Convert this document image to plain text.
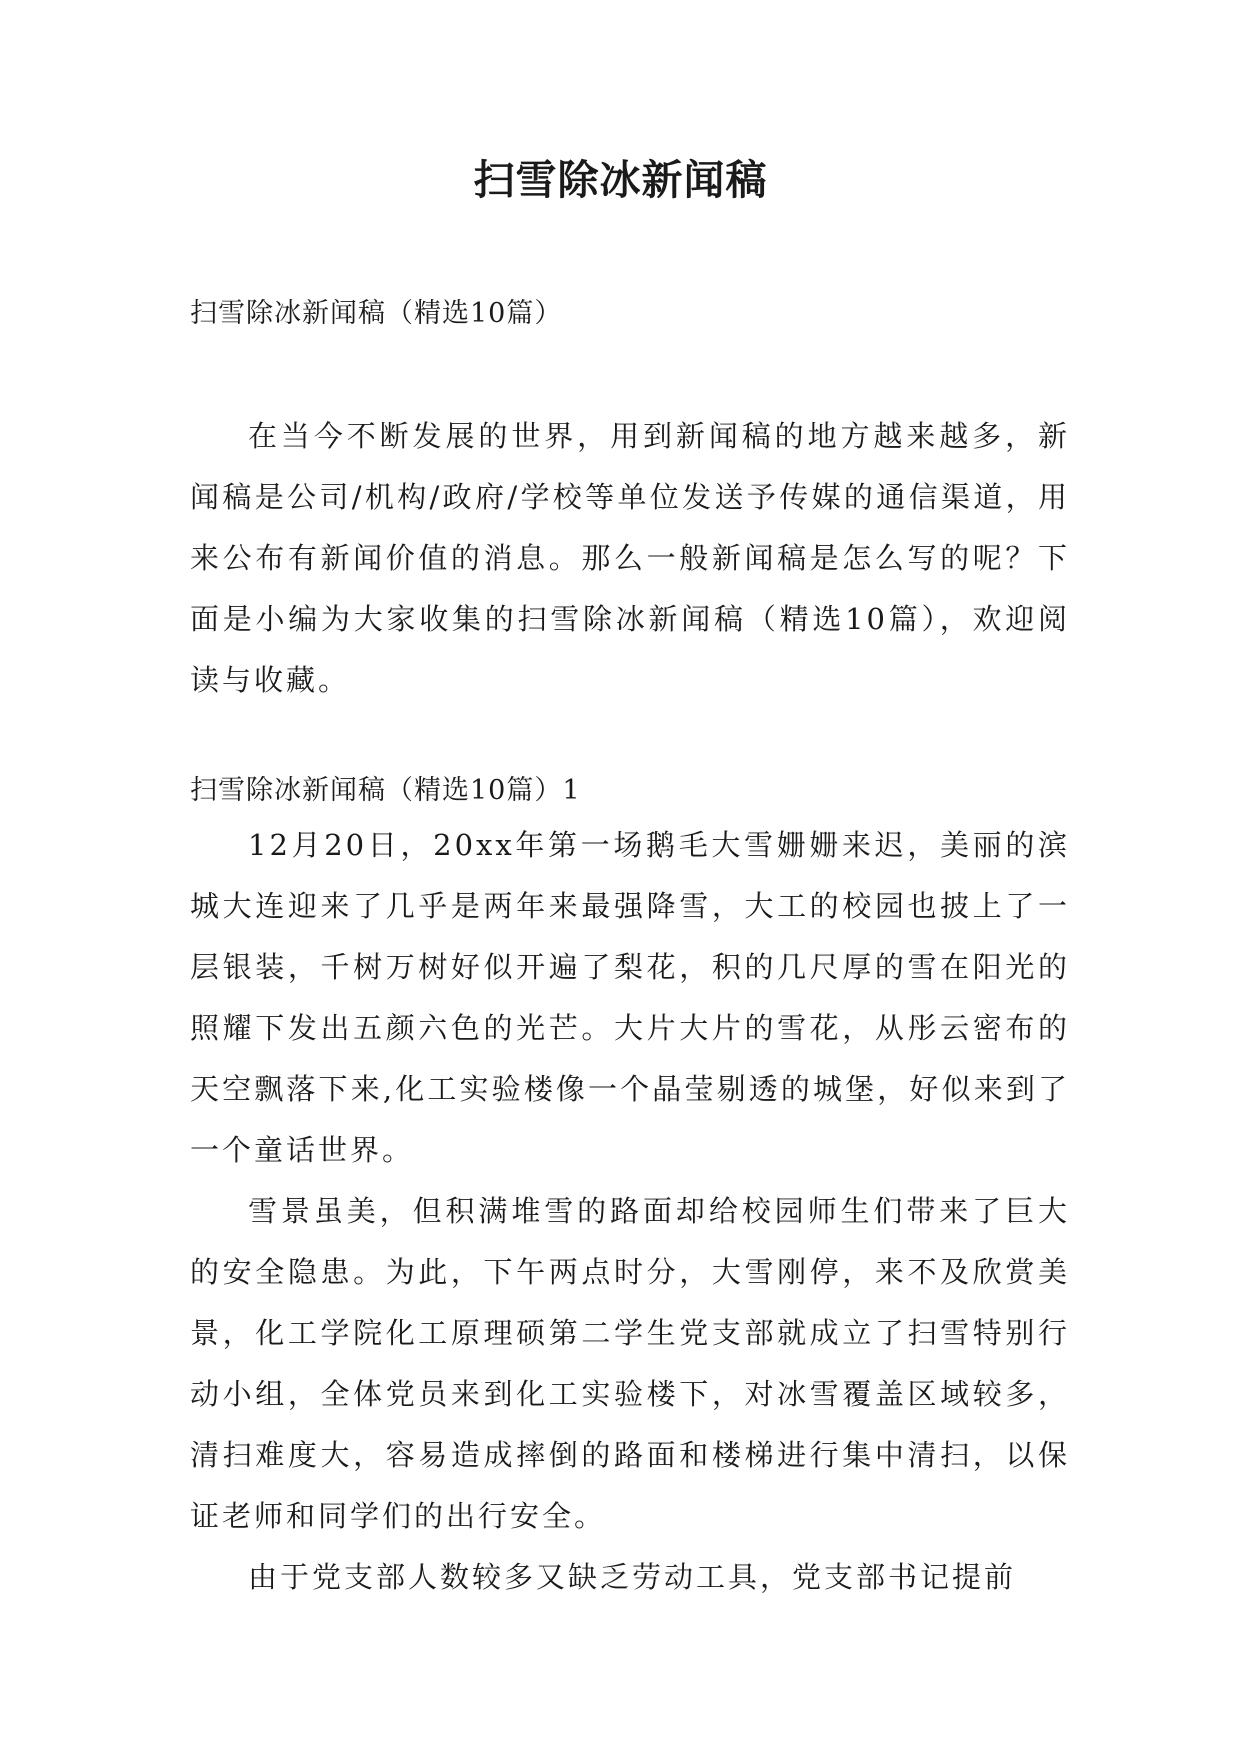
扫雪除冰新闻稿

扫雪除冰新闻稿（精选10篇）

在当今不断发展的世界，用到新闻稿的地方越来越多，新闻稿是公司/机构/政府/学校等单位发送予传媒的通信渠道，用来公布有新闻价值的消息。那么一般新闻稿是怎么写的呢？下面是小编为大家收集的扫雪除冰新闻稿（精选10篇），欢迎阅读与收藏。

扫雪除冰新闻稿（精选10篇）1

12月20日，20xx年第一场鹅毛大雪姗姗来迟，美丽的滨城大连迎来了几乎是两年来最强降雪，大工的校园也披上了一层银装，千树万树好似开遍了梨花，积的几尺厚的雪在阳光的照耀下发出五颜六色的光芒。大片大片的雪花，从彤云密布的天空飘落下来,化工实验楼像一个晶莹剔透的城堡，好似来到了一个童话世界。

雪景虽美，但积满堆雪的路面却给校园师生们带来了巨大的安全隐患。为此，下午两点时分，大雪刚停，来不及欣赏美景，化工学院化工原理硕第二学生党支部就成立了扫雪特别行动小组，全体党员来到化工实验楼下，对冰雪覆盖区域较多，清扫难度大，容易造成摔倒的路面和楼梯进行集中清扫，以保证老师和同学们的出行安全。

由于党支部人数较多又缺乏劳动工具，党支部书记提前
